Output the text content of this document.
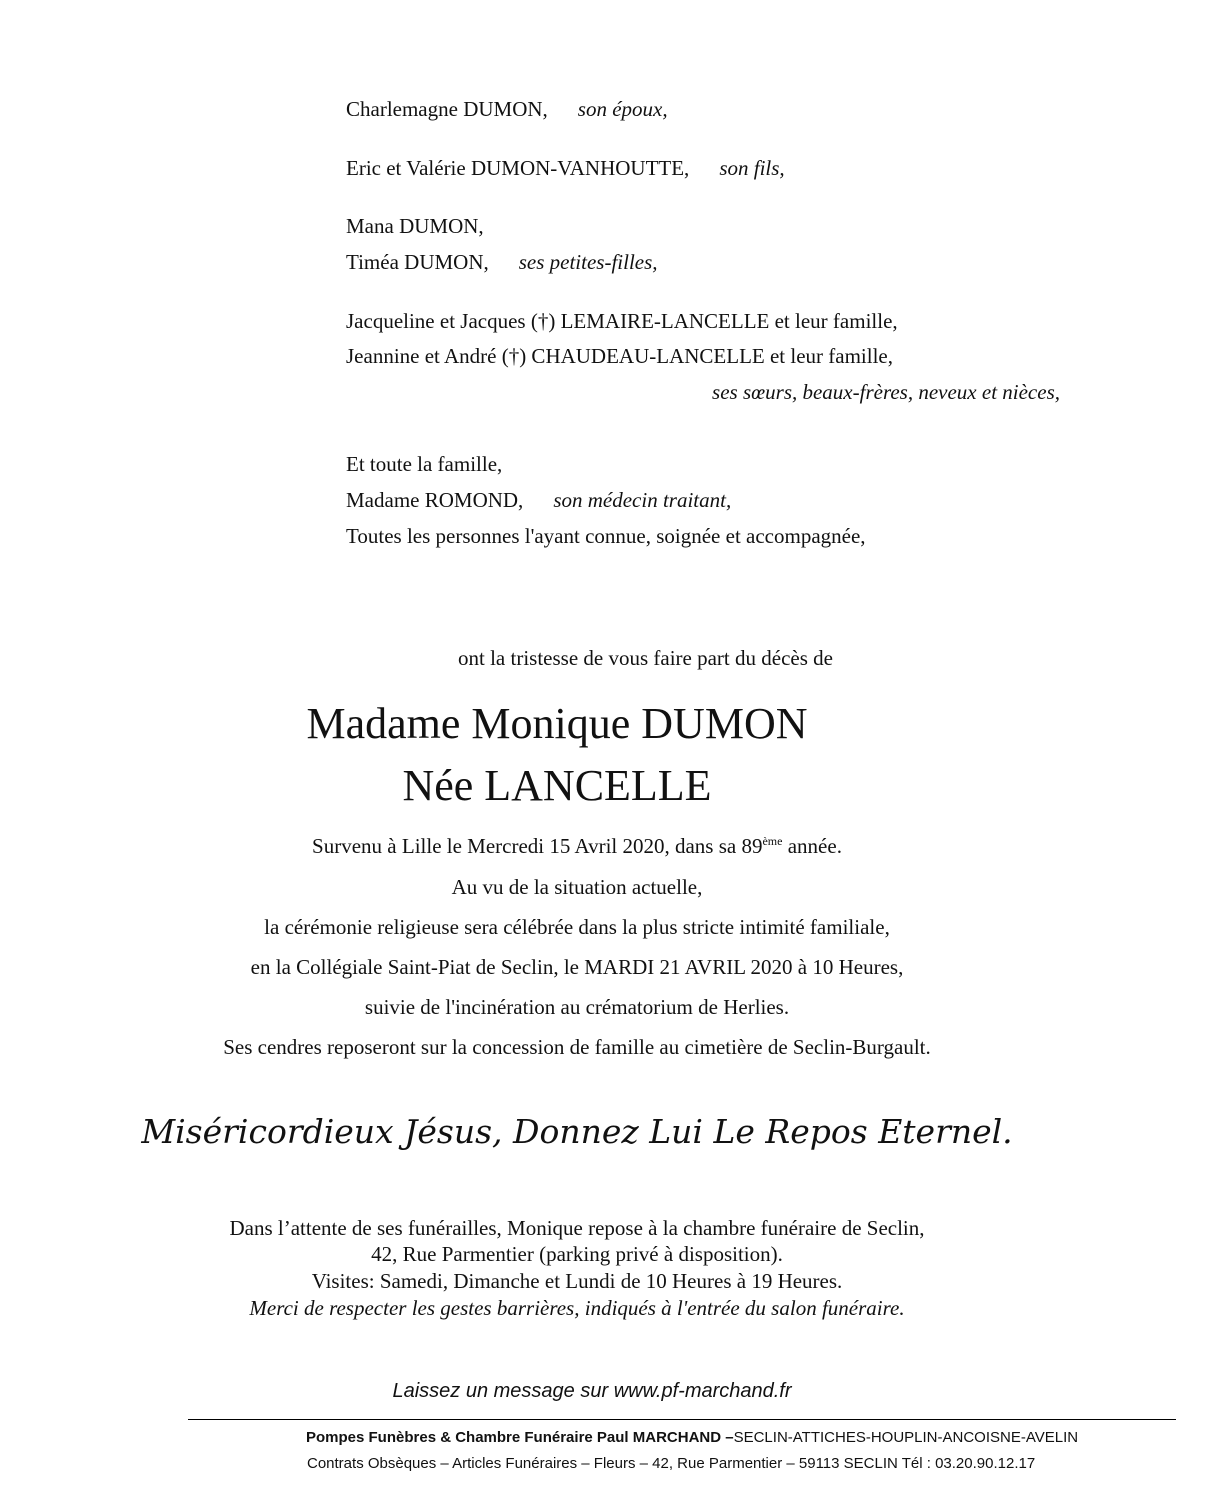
Charlemagne DUMON, son époux,
Eric et Valérie DUMON-VANHOUTTE, son fils,
Mana DUMON,
Timéa DUMON, ses petites-filles,
Jacqueline et Jacques (†) LEMAIRE-LANCELLE et leur famille,
Jeannine et André (†) CHAUDEAU-LANCELLE et leur famille,
ses sœurs, beaux-frères, neveux et nièces,
Et toute la famille,
Madame ROMOND, son médecin traitant,
Toutes les personnes l'ayant connue, soignée et accompagnée,
ont la tristesse de vous faire part du décès de
Madame Monique DUMON
Née LANCELLE
Survenu à Lille le Mercredi 15 Avril 2020, dans sa 89ème année.
Au vu de la situation actuelle,
la cérémonie religieuse sera célébrée dans la plus stricte intimité familiale,
en la Collégiale Saint-Piat de Seclin, le MARDI 21 AVRIL 2020 à 10 Heures,
suivie de l'incinération au crématorium de Herlies.
Ses cendres reposeront sur la concession de famille au cimetière de Seclin-Burgault.
Miséricordieux Jésus, Donnez Lui Le Repos Eternel.
Dans l’attente de ses funérailles, Monique repose à la chambre funéraire de Seclin,
42, Rue Parmentier (parking privé à disposition).
Visites: Samedi, Dimanche et Lundi de 10 Heures à 19 Heures.
Merci de respecter les gestes barrières, indiqués à l'entrée du salon funéraire.
Laissez un message sur www.pf-marchand.fr
Pompes Funèbres & Chambre Funéraire Paul MARCHAND –SECLIN-ATTICHES-HOUPLIN-ANCOISNE-AVELIN
Contrats Obsèques – Articles Funéraires – Fleurs – 42, Rue Parmentier – 59113 SECLIN Tél : 03.20.90.12.17
